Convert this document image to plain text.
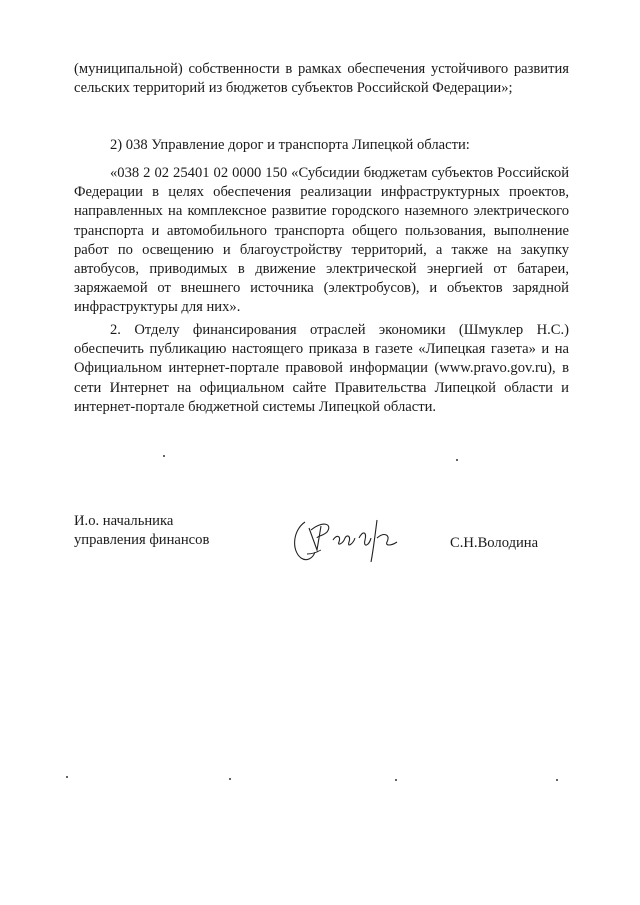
(муниципальной) собственности в рамках обеспечения устойчивого развития сельских территорий из бюджетов субъектов Российской Федерации»;

2) 038 Управление дорог и транспорта Липецкой области:

«038 2 02 25401 02 0000 150 «Субсидии бюджетам субъектов Российской Федерации в целях обеспечения реализации инфраструктурных проектов, направленных на комплексное развитие городского наземного электрического транспорта и автомобильного транспорта общего пользования, выполнение работ по освещению и благоустройству территорий, а также на закупку автобусов, приводимых в движение электрической энергией от батареи, заряжаемой от внешнего источника (электробусов), и объектов зарядной инфраструктуры для них».

2. Отделу финансирования отраслей экономики (Шмуклер Н.С.) обеспечить публикацию настоящего приказа в газете «Липецкая газета» и на Официальном интернет-портале правовой информации (www.pravo.gov.ru), в сети Интернет на официальном сайте Правительства Липецкой области и интернет-портале бюджетной системы Липецкой области.

И.о. начальника
управления финансов	С.Н.Володина
